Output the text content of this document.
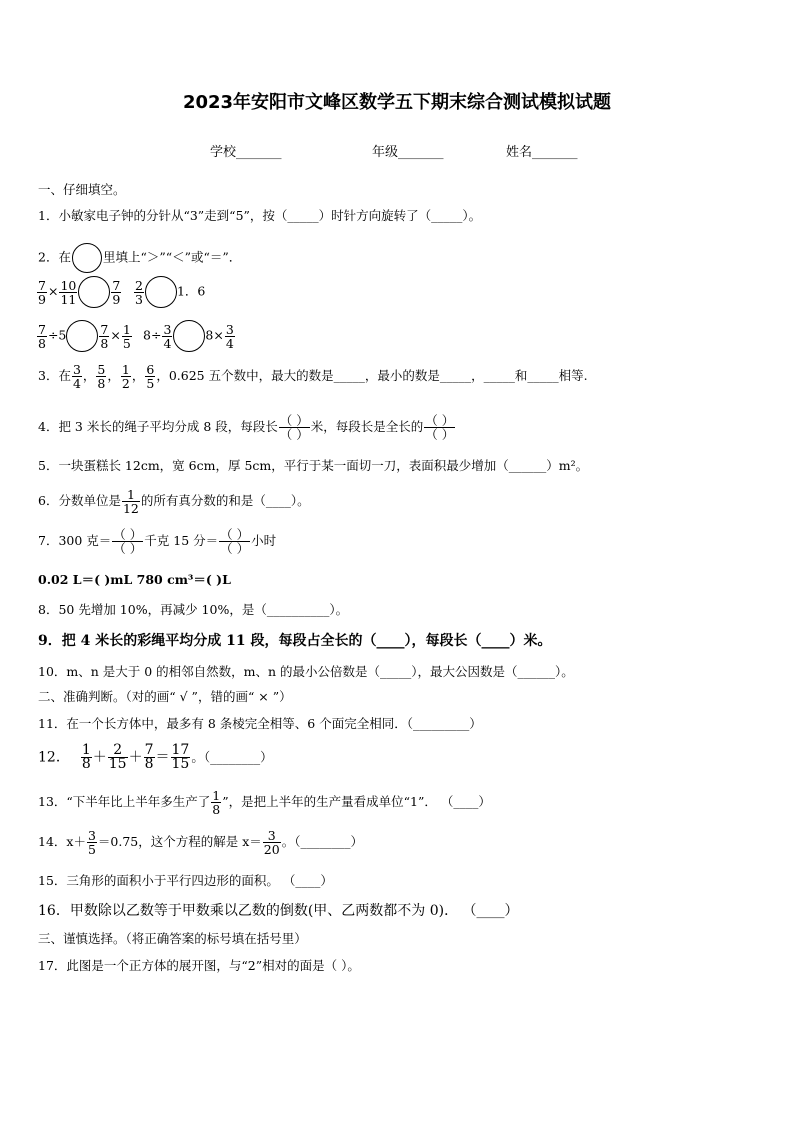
2023年安阳市文峰区数学五下期末综合测试模拟试题
学校_______	年级_______	姓名_______
一、仔细填空。
1．小敏家电子钟的分针从“3”走到“5”，按（_____）时针方向旋转了（_____）。
2．在	里填上“＞”“＜”或“＝”．
$\frac{7}{9} \times \frac{10}{11}$	$\frac{7}{9} \frac{2}{3}$	1．6
$\frac{7}{8} \div 5$	$\frac{7}{8} \times \frac{1}{5} 8\div \frac{3}{4}$	$8\times \frac{3}{4}$
3．在 $\frac{3}{4}$ ， $\frac{5}{8}$ ， $\frac{1}{2}$ ， $\frac{6}{5}$ ，0.625 五个数中，最大的数是_____，最小的数是_____，_____和_____相等.
4．把 3 米长的绳子平均分成 8 段，每段长 $\frac{( )}{( )}$ 米，每段长是全长的 $\frac{( )}{( )}$
5．一块蛋糕长 12cm，宽 6cm，厚 5cm，平行于某一面切一刀，表面积最少增加（______）m²。
6．分数单位是 $\frac{1}{12}$ 的所有真分数的和是（____）。
7．300 克＝ $\frac{( )}{( )}$ 千克 15 分＝ $\frac{( )}{( )}$ 小时
0.02 L＝( )mL 780 cm³＝( )L
8．50 先增加 10%，再减少 10%，是（__________）。
9．把 4 米长的彩绳平均分成 11 段，每段占全长的（____），每段长（____）米。
10．m、n 是大于 0 的相邻自然数，m、n 的最小公倍数是（_____），最大公因数是（______）。
二、准确判断。（对的画“ √ ”，错的画“ × ”）
11．在一个长方体中，最多有 8 条棱完全相等、6 个面完全相同．（_________）
12． $\frac{1}{8} + \frac{2}{15} + \frac{7}{8} = \frac{17}{15}$ 。（________）
13．“下半年比上半年多生产了 $\frac{1}{8}$ ”，是把上半年的生产量看成单位“1”． （____）
14．$x+ \frac{3}{5} =0.75$，这个方程的解是 $x= \frac{3}{20}$ 。（________）
15．三角形的面积小于平行四边形的面积。 （____）
16．甲数除以乙数等于甲数乘以乙数的倒数(甲、乙两数都不为 0)． （____）
三、谨慎选择。（将正确答案的标号填在括号里）
17．此图是一个正方体的展开图，与“2”相对的面是（ ）。
